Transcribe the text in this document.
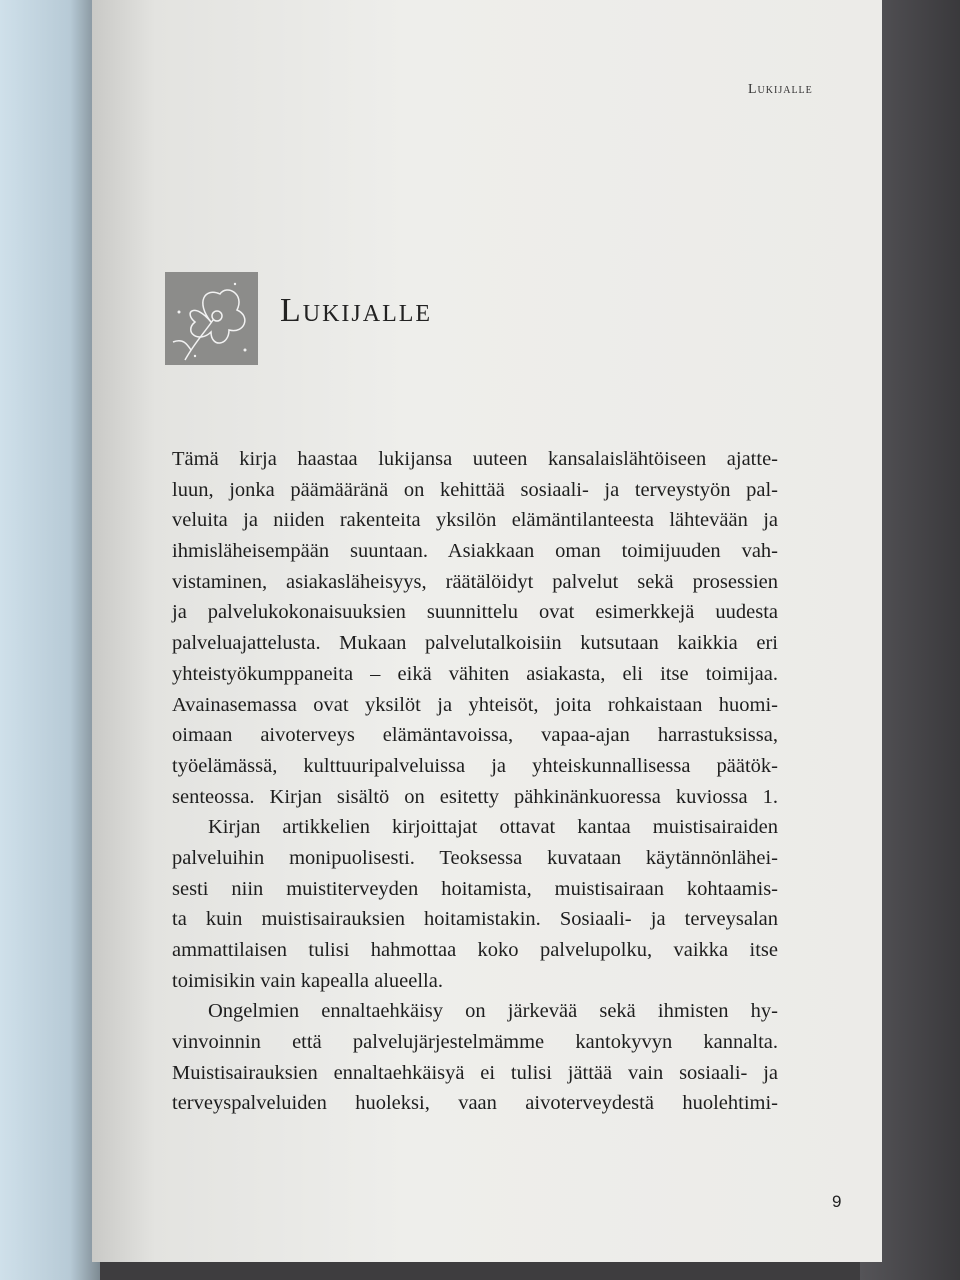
Lukijalle
Lukijalle
Tämä kirja haastaa lukijansa uuteen kansalaislähtöiseen ajatte-
luun, jonka päämääränä on kehittää sosiaali- ja terveystyön pal-
veluita ja niiden rakenteita yksilön elämäntilanteesta lähtevään ja
ihmisläheisempään suuntaan. Asiakkaan oman toimijuuden vah-
vistaminen, asiakasläheisyys, räätälöidyt palvelut sekä prosessien
ja palvelukokonaisuuksien suunnittelu ovat esimerkkejä uudesta
palveluajattelusta. Mukaan palvelutalkoisiin kutsutaan kaikkia eri
yhteistyökumppaneita – eikä vähiten asiakasta, eli itse toimijaa.
Avainasemassa ovat yksilöt ja yhteisöt, joita rohkaistaan huomi-
oimaan aivoterveys elämäntavoissa, vapaa-ajan harrastuksissa,
työelämässä, kulttuuripalveluissa ja yhteiskunnallisessa päätök-
senteossa. Kirjan sisältö on esitetty pähkinänkuoressa kuviossa 1.
Kirjan artikkelien kirjoittajat ottavat kantaa muistisairaiden
palveluihin monipuolisesti. Teoksessa kuvataan käytännönlähei-
sesti niin muistiterveyden hoitamista, muistisairaan kohtaamis-
ta kuin muistisairauksien hoitamistakin. Sosiaali- ja terveysalan
ammattilaisen tulisi hahmottaa koko palvelupolku, vaikka itse
toimisikin vain kapealla alueella.
Ongelmien ennaltaehkäisy on järkevää sekä ihmisten hy-
vinvoinnin että palvelujärjestelmämme kantokyvyn kannalta.
Muistisairauksien ennaltaehkäisyä ei tulisi jättää vain sosiaali- ja
terveyspalveluiden huoleksi, vaan aivoterveydestä huolehtimi-
9
